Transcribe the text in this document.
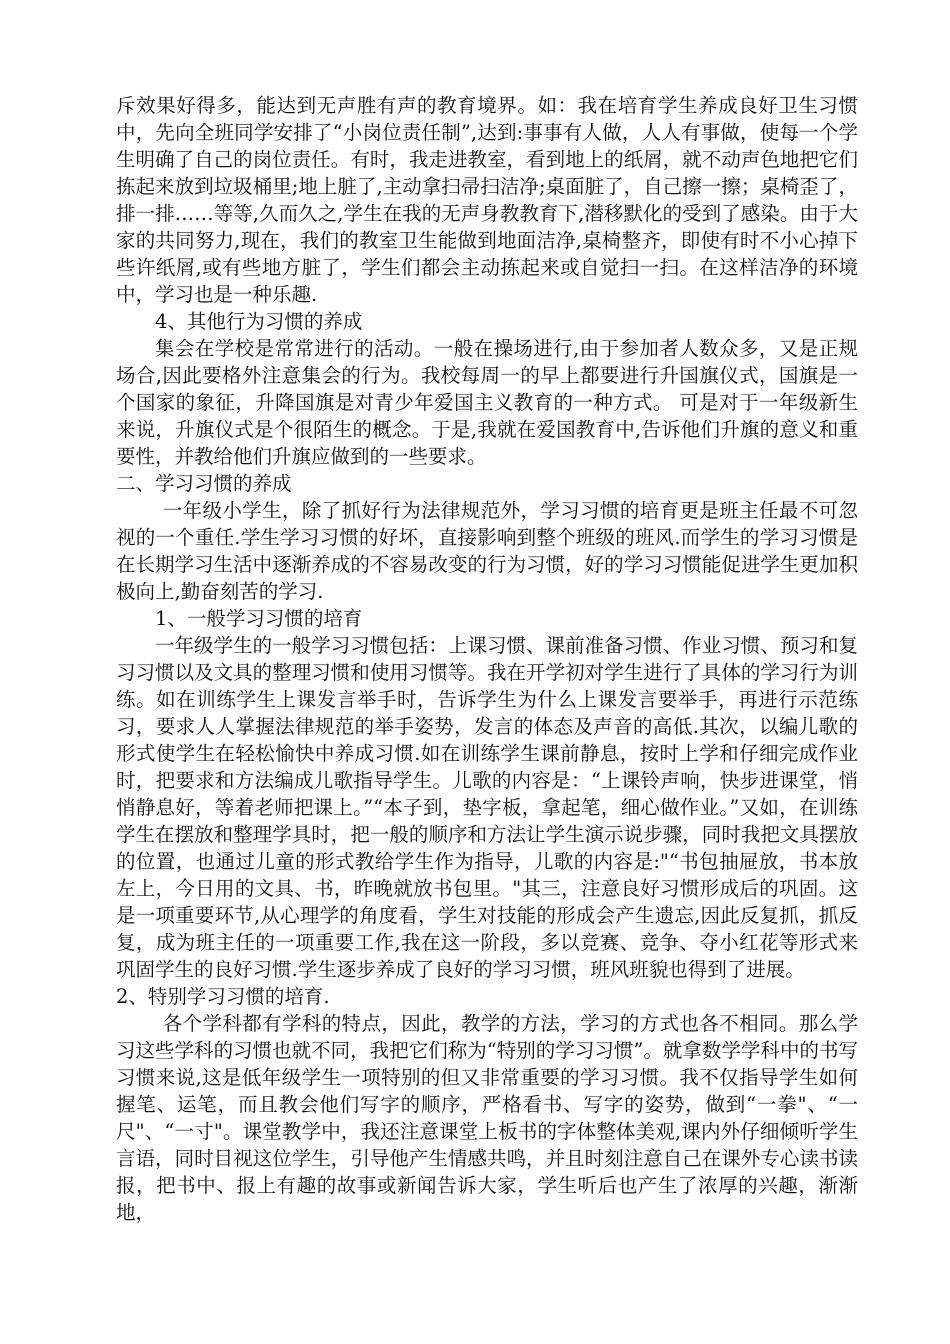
斥效果好得多，能达到无声胜有声的教育境界。如：我在培育学生养成良好卫生习惯中，先向全班同学安排了“小岗位责任制”,达到:事事有人做，人人有事做，使每一个学生明确了自己的岗位责任。有时，我走进教室，看到地上的纸屑，就不动声色地把它们拣起来放到垃圾桶里;地上脏了,主动拿扫帚扫洁净;桌面脏了，自己擦一擦；桌椅歪了，排一排……等等,久而久之,学生在我的无声身教教育下,潜移默化的受到了感染。由于大家的共同努力,现在，我们的教室卫生能做到地面洁净,桌椅整齐，即使有时不小心掉下些许纸屑,或有些地方脏了，学生们都会主动拣起来或自觉扫一扫。在这样洁净的环境中，学习也是一种乐趣.

4、其他行为习惯的养成

集会在学校是常常进行的活动。一般在操场进行,由于参加者人数众多，又是正规场合,因此要格外注意集会的行为。我校每周一的早上都要进行升国旗仪式，国旗是一个国家的象征，升降国旗是对青少年爱国主义教育的一种方式。 可是对于一年级新生来说，升旗仪式是个很陌生的概念。于是,我就在爱国教育中,告诉他们升旗的意义和重要性，并教给他们升旗应做到的一些要求。

二、学习习惯的养成

一年级小学生，除了抓好行为法律规范外，学习习惯的培育更是班主任最不可忽视的一个重任.学生学习习惯的好坏，直接影响到整个班级的班风.而学生的学习习惯是在长期学习生活中逐渐养成的不容易改变的行为习惯，好的学习习惯能促进学生更加积极向上,勤奋刻苦的学习.

1、一般学习习惯的培育

一年级学生的一般学习习惯包括：上课习惯、课前准备习惯、作业习惯、预习和复习习惯以及文具的整理习惯和使用习惯等。我在开学初对学生进行了具体的学习行为训练。如在训练学生上课发言举手时，告诉学生为什么上课发言要举手，再进行示范练习，要求人人掌握法律规范的举手姿势，发言的体态及声音的高低.其次，以编儿歌的形式使学生在轻松愉快中养成习惯.如在训练学生课前静息，按时上学和仔细完成作业时，把要求和方法编成儿歌指导学生。儿歌的内容是：“上课铃声响，快步进课堂，悄悄静息好，等着老师把课上。”“本子到，垫字板，拿起笔，细心做作业。”又如，在训练学生在摆放和整理学具时，把一般的顺序和方法让学生演示说步骤，同时我把文具摆放的位置，也通过儿童的形式教给学生作为指导，儿歌的内容是:"“书包抽屉放，书本放左上，今日用的文具、书，昨晚就放书包里。"其三，注意良好习惯形成后的巩固。这是一项重要环节,从心理学的角度看，学生对技能的形成会产生遗忘,因此反复抓，抓反复，成为班主任的一项重要工作,我在这一阶段，多以竞赛、竞争、夺小红花等形式来巩固学生的良好习惯.学生逐步养成了良好的学习习惯，班风班貌也得到了进展。

2、特别学习习惯的培育.

各个学科都有学科的特点，因此，教学的方法，学习的方式也各不相同。那么学习这些学科的习惯也就不同，我把它们称为“特别的学习习惯”。就拿数学学科中的书写习惯来说,这是低年级学生一项特别的但又非常重要的学习习惯。我不仅指导学生如何握笔、运笔，而且教会他们写字的顺序，严格看书、写字的姿势，做到“一拳"、“一尺"、“一寸"。课堂教学中，我还注意课堂上板书的字体整体美观,课内外仔细倾听学生言语，同时目视这位学生，引导他产生情感共鸣，并且时刻注意自己在课外专心读书读报，把书中、报上有趣的故事或新闻告诉大家，学生听后也产生了浓厚的兴趣，渐渐地，
